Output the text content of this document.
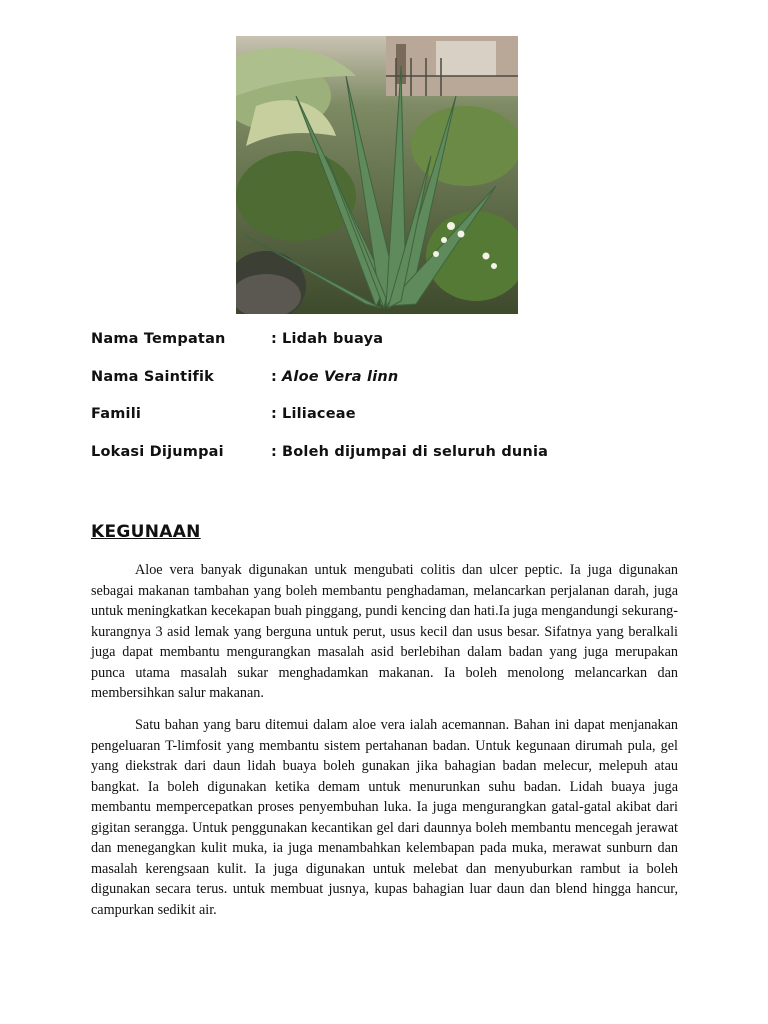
Nama Tempatan	: Lidah buaya
Nama Saintifik	: Aloe Vera linn
Famili	: Liliaceae
Lokasi Dijumpai	: Boleh dijumpai di seluruh dunia
KEGUNAAN

Aloe vera banyak digunakan untuk mengubati colitis dan ulcer peptic. Ia juga digunakan sebagai makanan tambahan yang boleh membantu penghadaman, melancarkan perjalanan darah, juga untuk meningkatkan kecekapan buah pinggang, pundi kencing dan hati.Ia juga mengandungi sekurang-kurangnya 3 asid lemak yang berguna untuk perut, usus kecil dan usus besar. Sifatnya yang beralkali juga dapat membantu mengurangkan masalah asid berlebihan dalam badan yang juga merupakan punca utama masalah sukar menghadamkan makanan. Ia boleh menolong melancarkan dan membersihkan salur makanan.

Satu bahan yang baru ditemui dalam aloe vera ialah acemannan. Bahan ini dapat menjanakan pengeluaran T-limfosit yang membantu sistem pertahanan badan. Untuk kegunaan dirumah pula, gel yang diekstrak dari daun lidah buaya boleh gunakan jika bahagian badan melecur, melepuh atau bangkat. Ia boleh digunakan ketika demam untuk menurunkan suhu badan. Lidah buaya juga membantu mempercepatkan proses penyembuhan luka. Ia juga mengurangkan gatal-gatal akibat dari gigitan serangga. Untuk penggunakan kecantikan gel dari daunnya boleh membantu mencegah jerawat dan menegangkan kulit muka, ia juga menambahkan kelembapan pada muka, merawat sunburn dan masalah kerengsaan kulit. Ia juga digunakan untuk melebat dan menyuburkan rambut ia boleh digunakan secara terus. untuk membuat jusnya, kupas bahagian luar daun dan blend hingga hancur, campurkan sedikit air.
